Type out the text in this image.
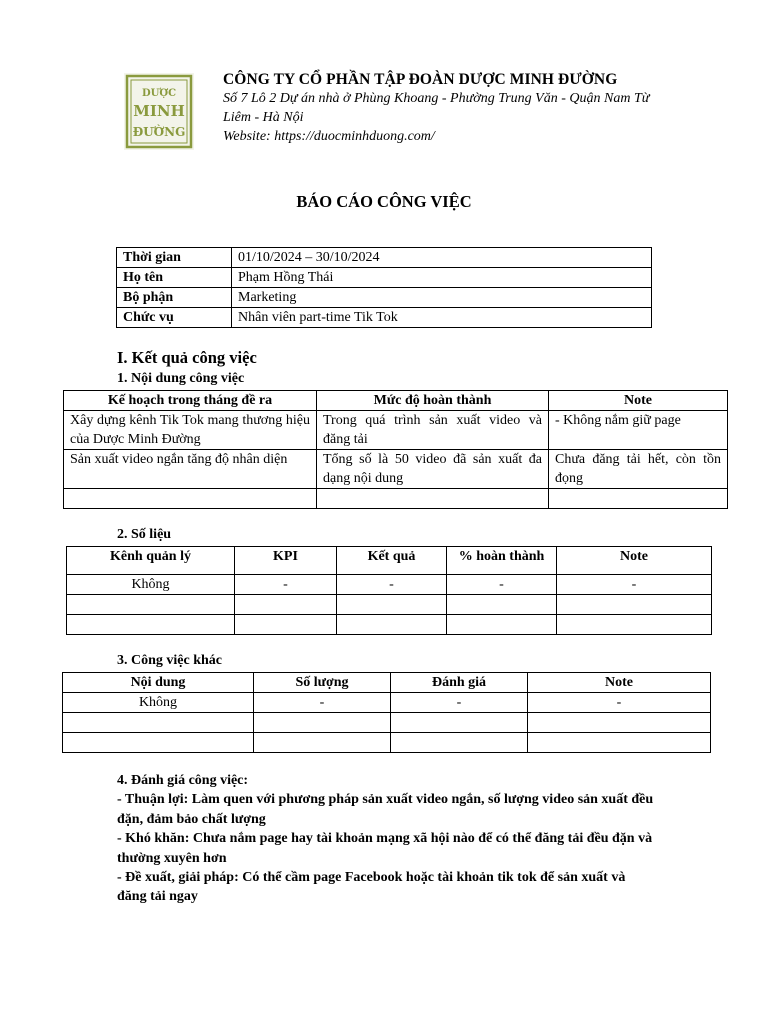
DƯỢC
MINH
ĐƯỜNG
CÔNG TY CỔ PHẦN TẬP ĐOÀN DƯỢC MINH ĐƯỜNG
Số 7 Lô 2 Dự án nhà ở Phùng Khoang - Phường Trung Văn - Quận Nam Từ Liêm - Hà Nội
Website: https://duocminhduong.com/
BÁO CÁO CÔNG VIỆC
Thời gian	01/10/2024 – 30/10/2024
Họ tên	Phạm Hồng Thái
Bộ phận	Marketing
Chức vụ	Nhân viên part-time Tik Tok
I. Kết quả công việc
1. Nội dung công việc
Kế hoạch trong tháng đề ra	Mức độ hoàn thành	Note
Xây dựng kênh Tik Tok mang thương hiệu của Dược Minh Đường	Trong quá trình sản xuất video và đăng tải	- Không nắm giữ page
Sản xuất video ngắn tăng độ nhân diện	Tổng số là 50 video đã sản xuất đa dạng nội dung	Chưa đăng tải hết, còn tồn đọng

2. Số liệu
Kênh quản lý	KPI	Kết quả	% hoàn thành	Note
Không	-	-	-	-

3. Công việc khác
Nội dung	Số lượng	Đánh giá	Note
Không	-	-	-

4. Đánh giá công việc:

- Thuận lợi: Làm quen với phương pháp sản xuất video ngắn, số lượng video sản xuất đều đặn, đảm bảo chất lượng

- Khó khăn: Chưa nắm page hay tài khoản mạng xã hội nào để có thể đăng tải đều đặn và thường xuyên hơn

- Đề xuất, giải pháp: Có thể cầm page Facebook hoặc tài khoản tik tok để sản xuất và đăng tải ngay
